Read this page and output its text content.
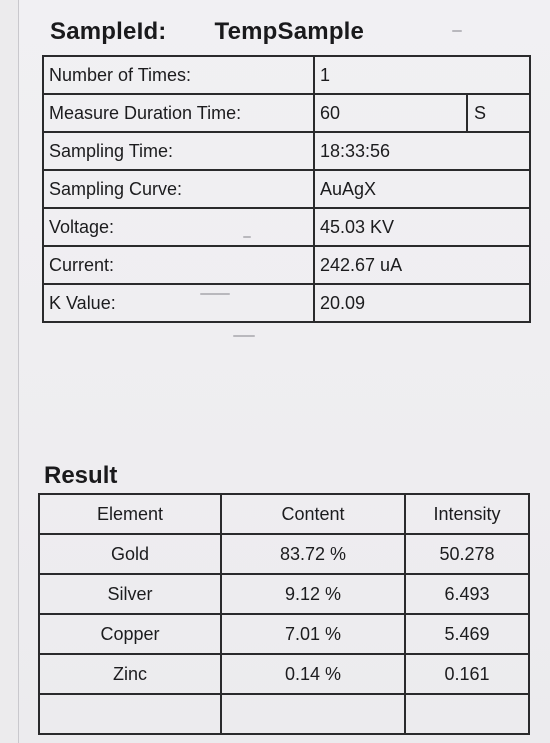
SampleId: TempSample
Number of Times:	1	
Measure Duration Time:	60	S
Sampling Time:	18:33:56	
Sampling Curve:	AuAgX	
Voltage:	45.03 KV	
Current:	242.67 uA	
K Value:	20.09	
Result
Element	Content	Intensity
Gold	83.72 %	50.278
Silver	9.12 %	6.493
Copper	7.01 %	5.469
Zinc	0.14 %	0.161
